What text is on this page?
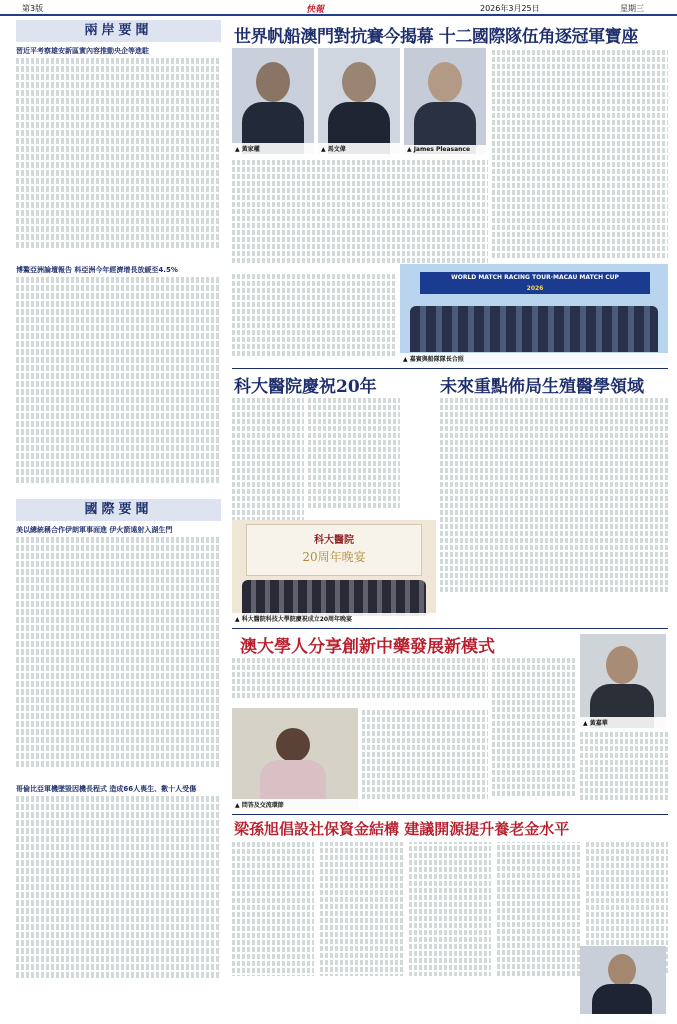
第3版	快報	2026年3月25日	星期三
兩岸要聞
習近平考察雄安新區實內容推動央企等進駐
博鰲亞洲論壇報告 料亞洲今年經濟增長放緩至4.5%
國際要聞
美以總統稱合作伊朗軍事面進 伊火箭遠射入湖生門
哥倫比亞軍機墜毀因機長程式 造成66人喪生、數十人受傷
世界帆船澳門對抗賽今揭幕 十二國際隊伍角逐冠軍寶座
▲ 黃家權	▲ 馬文偉	▲ James Pleasance
WORLD MATCH RACING TOUR·MACAU MATCH CUP
2026
▲ 嘉賓與船隊隊長合照
科大醫院慶祝20年	未來重點佈局生殖醫學領域
科大醫院
20周年晚宴
▲ 科大醫院科技大學院慶祝成立20周年晚宴
澳大學人分享創新中藥發展新模式
▲ 黃嘉華
▲ 問答及交流環節
梁孫旭倡設社保資金結構 建議開源提升養老金水平
